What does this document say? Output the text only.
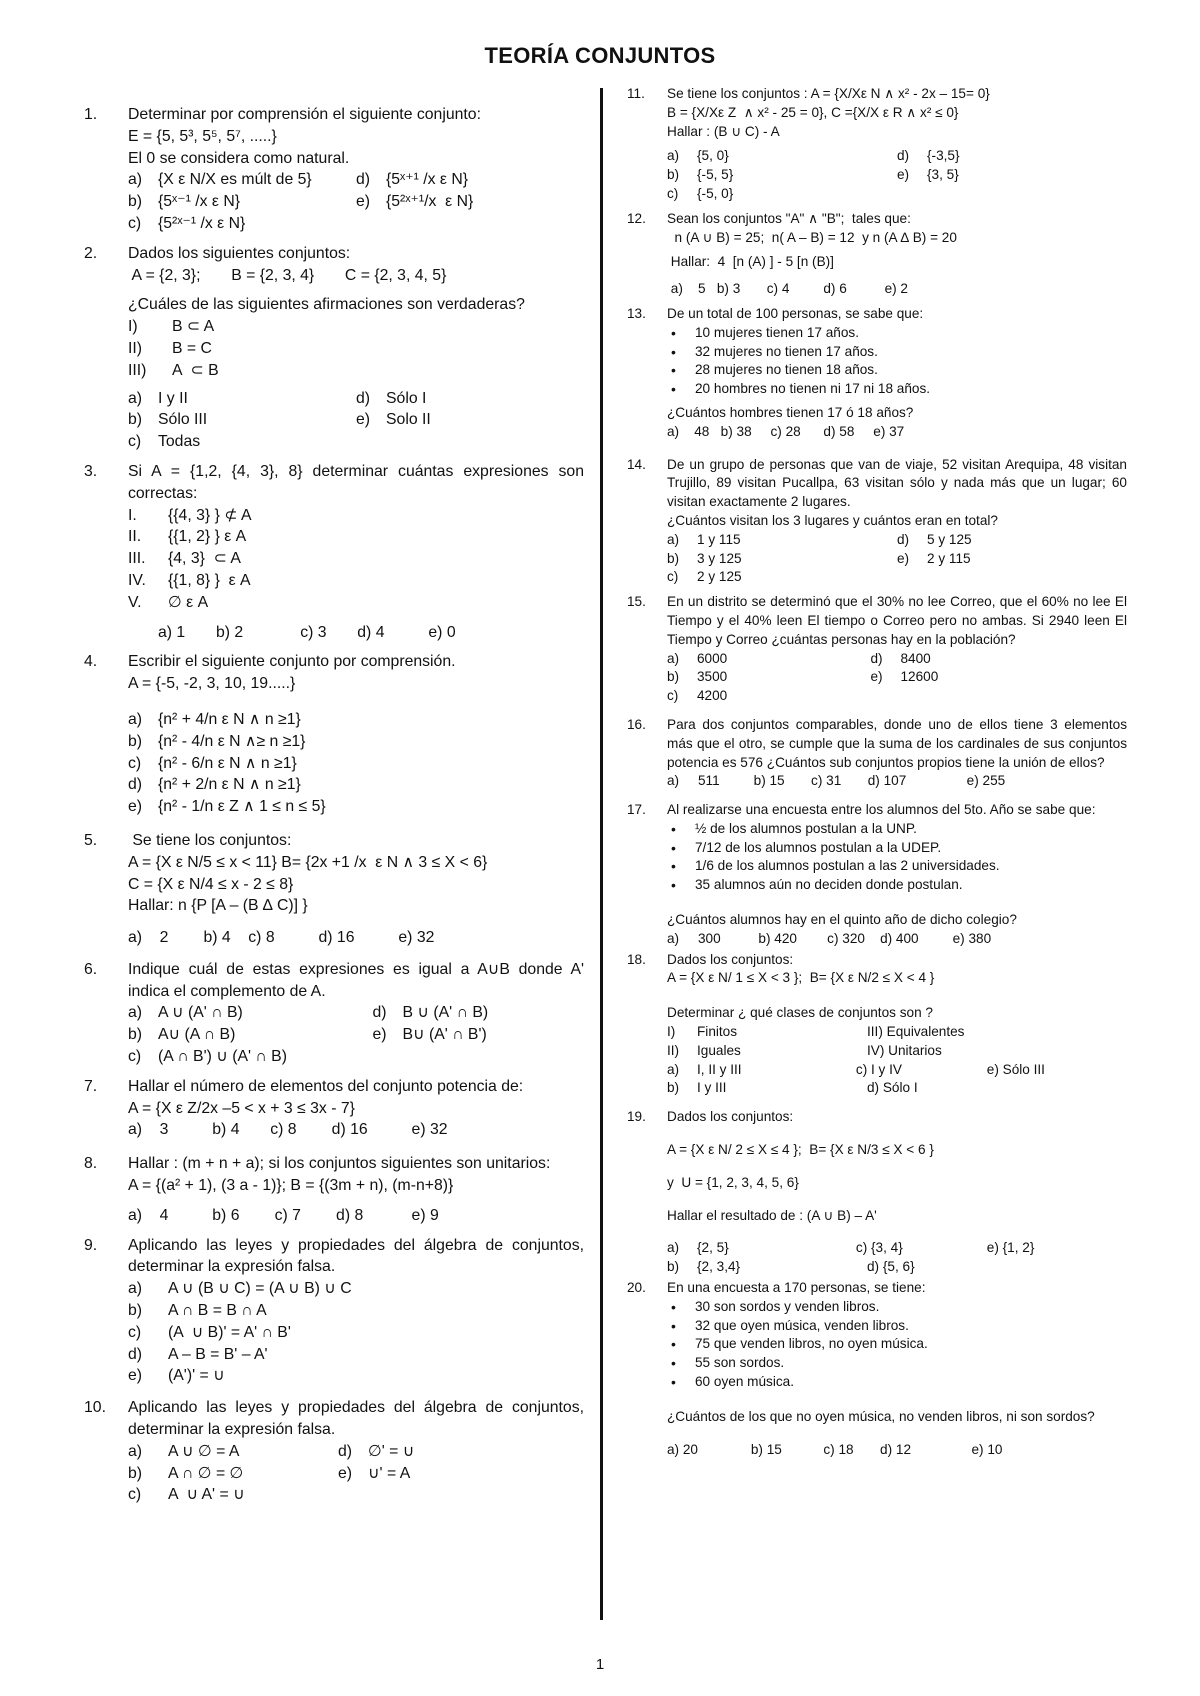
TEORÍA CONJUNTOS
1. Determinar por comprensión el siguiente conjunto:
E = {5, 5³, 5⁵, 5⁷, .....}
El 0 se considera como natural.
a) {X ε N/X es múlt de 5}	d) {5ˣ⁺¹ /x ε N}
b) {5ˣ⁻¹ /x ε N}	e) {5²ˣ⁺¹/x  ε N}
c) {5²ˣ⁻¹ /x ε N}
2. Dados los siguientes conjuntos:
A = {2, 3};       B = {2, 3, 4}       C = {2, 3, 4, 5}
¿Cuáles de las siguientes afirmaciones son verdaderas?
I) B ⊂ A
II) B = C
III) A  ⊂ B
a) I y II	d) Sólo I
b) Sólo III	e) Solo II
c) Todas
3. Si A = {1,2, {4, 3}, 8} determinar cuántas expresiones son correctas:
I. {{4, 3} } ⊄ A
II. {{1, 2} } ε A
III. {4, 3}  ⊂ A
IV. {{1, 8} }  ε A
V. ∅ ε A
a) 1       b) 2             c) 3       d) 4          e) 0
4. Escribir el siguiente conjunto por comprensión.
A = {-5, -2, 3, 10, 19.....}
a) {n² + 4/n ε N ∧ n ≥1}
b) {n² - 4/n ε N ∧≥ n ≥1}
c) {n² - 6/n ε N ∧ n ≥1}
d) {n² + 2/n ε N ∧ n ≥1}
e) {n² - 1/n ε Z ∧ 1 ≤ n ≤ 5}
5. Se tiene los conjuntos:
A = {X ε N/5 ≤ x < 11} B= {2x +1 /x  ε N ∧ 3 ≤ X < 6}
C = {X ε N/4 ≤ x - 2 ≤ 8}
Hallar: n {P [A – (B ∆ C)] }
a)    2        b) 4    c) 8          d) 16          e) 32
6. Indique cuál de estas expresiones es igual a A∪B donde A' indica el complemento de A.
a) A ∪ (A' ∩ B)	d) B ∪ (A' ∩ B)
b) A∪ (A ∩ B)	e) B∪ (A' ∩ B')
c) (A ∩ B') ∪ (A' ∩ B)
7. Hallar el número de elementos del conjunto potencia de:
A = {X ε Z/2x –5 < x + 3 ≤ 3x - 7}
a)    3          b) 4       c) 8        d) 16          e) 32
8. Hallar : (m + n + a); si los conjuntos siguientes son unitarios:
A = {(a² + 1), (3 a - 1)}; B = {(3m + n), (m-n+8)}
a)    4          b) 6        c) 7        d) 8           e) 9
9. Aplicando las leyes y propiedades del álgebra de conjuntos, determinar la expresión falsa.
a) A ∪ (B ∪ C) = (A ∪ B) ∪ C
b) A ∩ B = B ∩ A
c) (A  ∪ B)' = A' ∩ B'
d) A – B = B' – A'
e) (A')' = ∪
10. Aplicando las leyes y propiedades del álgebra de conjuntos, determinar la expresión falsa.
a) A ∪ ∅ = A	d) ∅' = ∪
b) A ∩ ∅ = ∅	e) ∪' = A
c) A  ∪ A' = ∪
11. Se tiene los conjuntos : A = {X/Xε N ∧ x² - 2x – 15= 0}
B = {X/Xε Z  ∧ x² - 25 = 0}, C ={X/X ε R ∧ x² ≤ 0}
Hallar : (B ∪ C) - A
a) {5, 0}	d) {-3,5}
b) {-5, 5}	e) {3, 5}
c) {-5, 0}
12. Sean los conjuntos "A" ∧ "B";  tales que:
n (A ∪ B) = 25;  n( A – B) = 12  y n (A ∆ B) = 20
Hallar:  4  [n (A) ] - 5 [n (B)]
a)    5   b) 3       c) 4         d) 6          e) 2
13. De un total de 100 personas, se sabe que:
• 10 mujeres tienen 17 años.
• 32 mujeres no tienen 17 años.
• 28 mujeres no tienen 18 años.
• 20 hombres no tienen ni 17 ni 18 años.
¿Cuántos hombres tienen 17 ó 18 años?
a)    48   b) 38     c) 28      d) 58     e) 37
14. De un grupo de personas que van de viaje, 52 visitan Arequipa, 48 visitan Trujillo, 89 visitan Pucallpa, 63 visitan sólo y nada más que un lugar; 60 visitan exactamente 2 lugares.
¿Cuántos visitan los 3 lugares y cuántos eran en total?
a) 1 y 115	d) 5 y 125
b) 3 y 125	e) 2 y 115
c) 2 y 125
15. En un distrito se determinó que el 30% no lee Correo, que el 60% no lee El Tiempo y el 40% leen El tiempo o Correo pero no ambas. Si 2940 leen El Tiempo y Correo ¿cuántas personas hay en la población?
a) 6000	d) 8400
b) 3500	e) 12600
c) 4200
16. Para dos conjuntos comparables, donde uno de ellos tiene 3 elementos más que el otro, se cumple que la suma de los cardinales de sus conjuntos potencia es 576 ¿Cuántos sub conjuntos propios tiene la unión de ellos?
a)     511         b) 15       c) 31       d) 107                e) 255
17. Al realizarse una encuesta entre los alumnos del 5to. Año se sabe que:
• ½ de los alumnos postulan a la UNP.
• 7/12 de los alumnos postulan a la UDEP.
• 1/6 de los alumnos postulan a las 2 universidades.
• 35 alumnos aún no deciden donde postulan.
¿Cuántos alumnos hay en el quinto año de dicho colegio?
a)     300          b) 420        c) 320    d) 400         e) 380
18. Dados los conjuntos:
A = {X ε N/ 1 ≤ X < 3 };  B= {X ε N/2 ≤ X < 4 }
Determinar ¿ qué clases de conjuntos son ?
I) Finitos	III) Equivalentes
II) Iguales	IV) Unitarios
a) I, II y III	c) I y IV	e) Sólo III
b) I y III	d) Sólo I
19. Dados los conjuntos:
A = {X ε N/ 2 ≤ X ≤ 4 };  B= {X ε N/3 ≤ X < 6 }
y  U = {1, 2, 3, 4, 5, 6}
Hallar el resultado de : (A ∪ B) – A'
a) {2, 5}	c) {3, 4}	e) {1, 2}
b) {2, 3,4}	d) {5, 6}
20. En una encuesta a 170 personas, se tiene:
• 30 son sordos y venden libros.
• 32 que oyen música, venden libros.
• 75 que venden libros, no oyen música.
• 55 son sordos.
• 60 oyen música.
¿Cuántos de los que no oyen música, no venden libros, ni son sordos?
a) 20              b) 15           c) 18       d) 12                e) 10
1
